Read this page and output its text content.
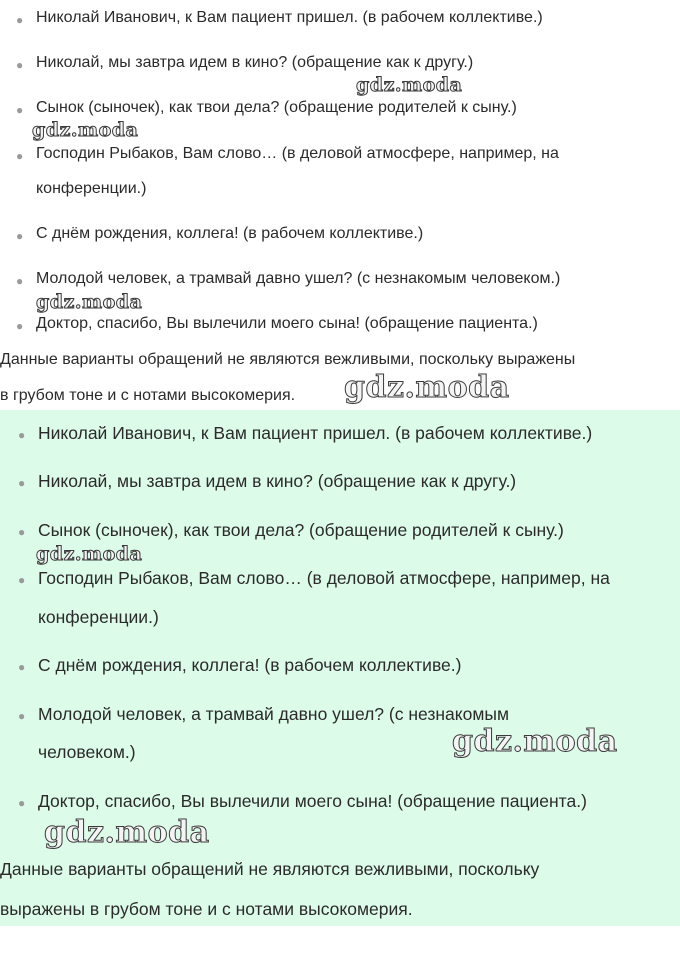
● Николай Иванович, к Вам пациент пришел. (в рабочем коллективе.)
● Николай, мы завтра идем в кино? (обращение как к другу.)
● Сынок (сыночек), как твои дела? (обращение родителей к сыну.)
● Господин Рыбаков, Вам слово… (в деловой атмосфере, например, на
конференции.)
● С днём рождения, коллега! (в рабочем коллективе.)
● Молодой человек, а трамвай давно ушел? (с незнакомым человеком.)
● Доктор, спасибо, Вы вылечили моего сына! (обращение пациента.)
Данные варианты обращений не являются вежливыми, поскольку выражены
в грубом тоне и с нотами высокомерия.
● Николай Иванович, к Вам пациент пришел. (в рабочем коллективе.)
● Николай, мы завтра идем в кино? (обращение как к другу.)
● Сынок (сыночек), как твои дела? (обращение родителей к сыну.)
● Господин Рыбаков, Вам слово… (в деловой атмосфере, например, на
конференции.)
● С днём рождения, коллега! (в рабочем коллективе.)
● Молодой человек, а трамвай давно ушел? (с незнакомым
человеком.)
● Доктор, спасибо, Вы вылечили моего сына! (обращение пациента.)
Данные варианты обращений не являются вежливыми, поскольку
выражены в грубом тоне и с нотами высокомерия.
gdz.moda
gdz.moda
gdz.moda
gdz.moda
gdz.moda
gdz.moda
gdz.moda
